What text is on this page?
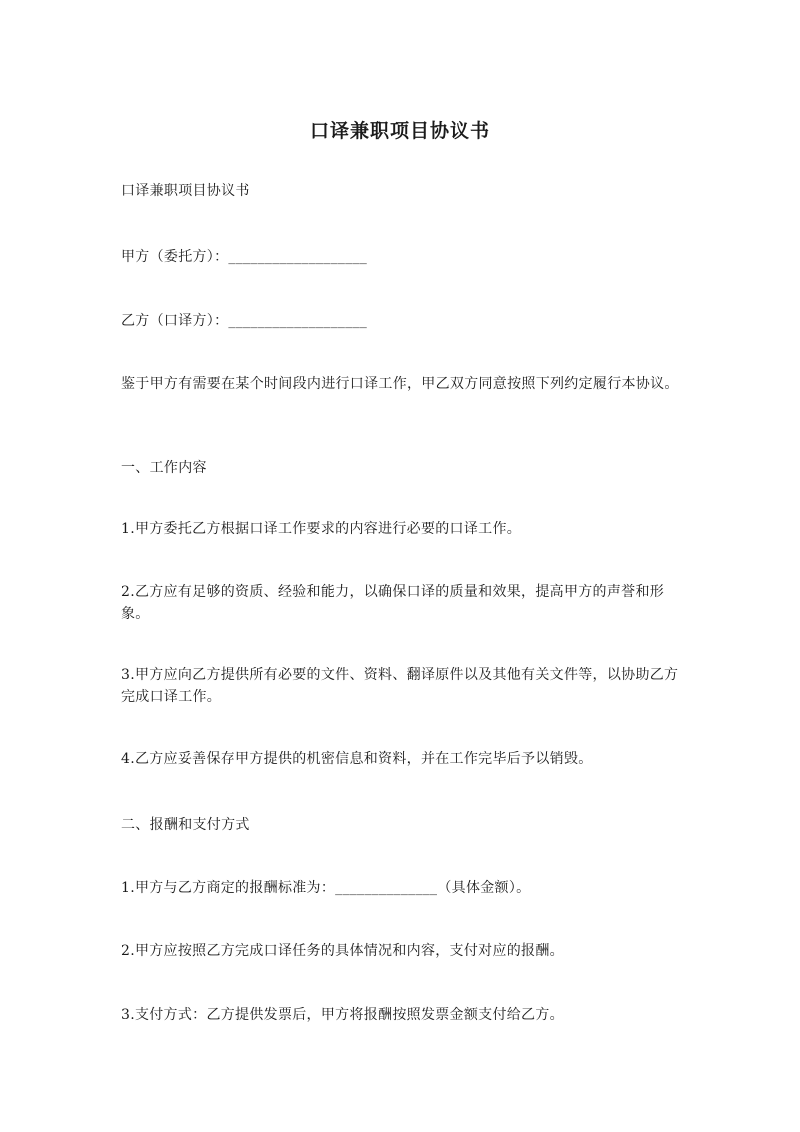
口译兼职项目协议书

口译兼职项目协议书

甲方（委托方）：___________________

乙方（口译方）：___________________

鉴于甲方有需要在某个时间段内进行口译工作，甲乙双方同意按照下列约定履行本协议。

一、工作内容

1.甲方委托乙方根据口译工作要求的内容进行必要的口译工作。

2.乙方应有足够的资质、经验和能力，以确保口译的质量和效果，提高甲方的声誉和形象。

3.甲方应向乙方提供所有必要的文件、资料、翻译原件以及其他有关文件等，以协助乙方完成口译工作。

4.乙方应妥善保存甲方提供的机密信息和资料，并在工作完毕后予以销毁。

二、报酬和支付方式

1.甲方与乙方商定的报酬标准为：______________（具体金额）。

2.甲方应按照乙方完成口译任务的具体情况和内容，支付对应的报酬。

3.支付方式：乙方提供发票后，甲方将报酬按照发票金额支付给乙方。
